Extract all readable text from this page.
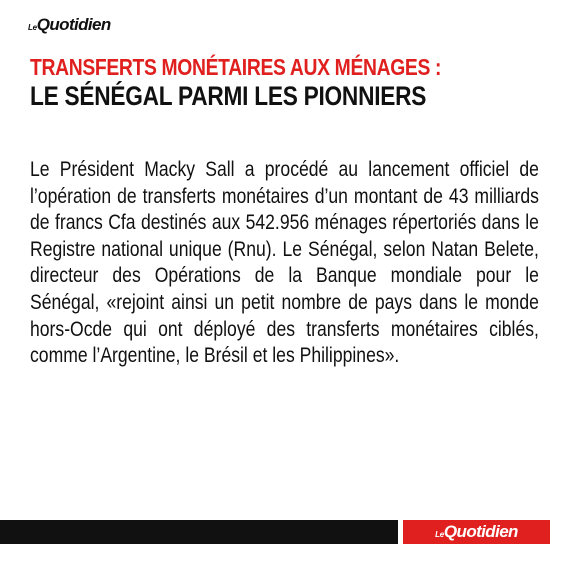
LeQuotidien
TRANSFERTS MONÉTAIRES AUX MÉNAGES :
LE SÉNÉGAL PARMI LES PIONNIERS
Le Président Macky Sall a procédé au lancement officiel de l’opération de transferts monétaires d’un montant de 43 milliards de francs Cfa destinés aux 542.956 ménages répertoriés dans le Registre national unique (Rnu). Le Sénégal, selon Natan Belete, directeur des Opérations de la Banque mondiale pour le Sénégal, «rejoint ainsi un petit nombre de pays dans le monde hors-Ocde qui ont déployé des transferts monétaires ciblés, comme l’Argentine, le Brésil et les Philippines».
LeQuotidien
